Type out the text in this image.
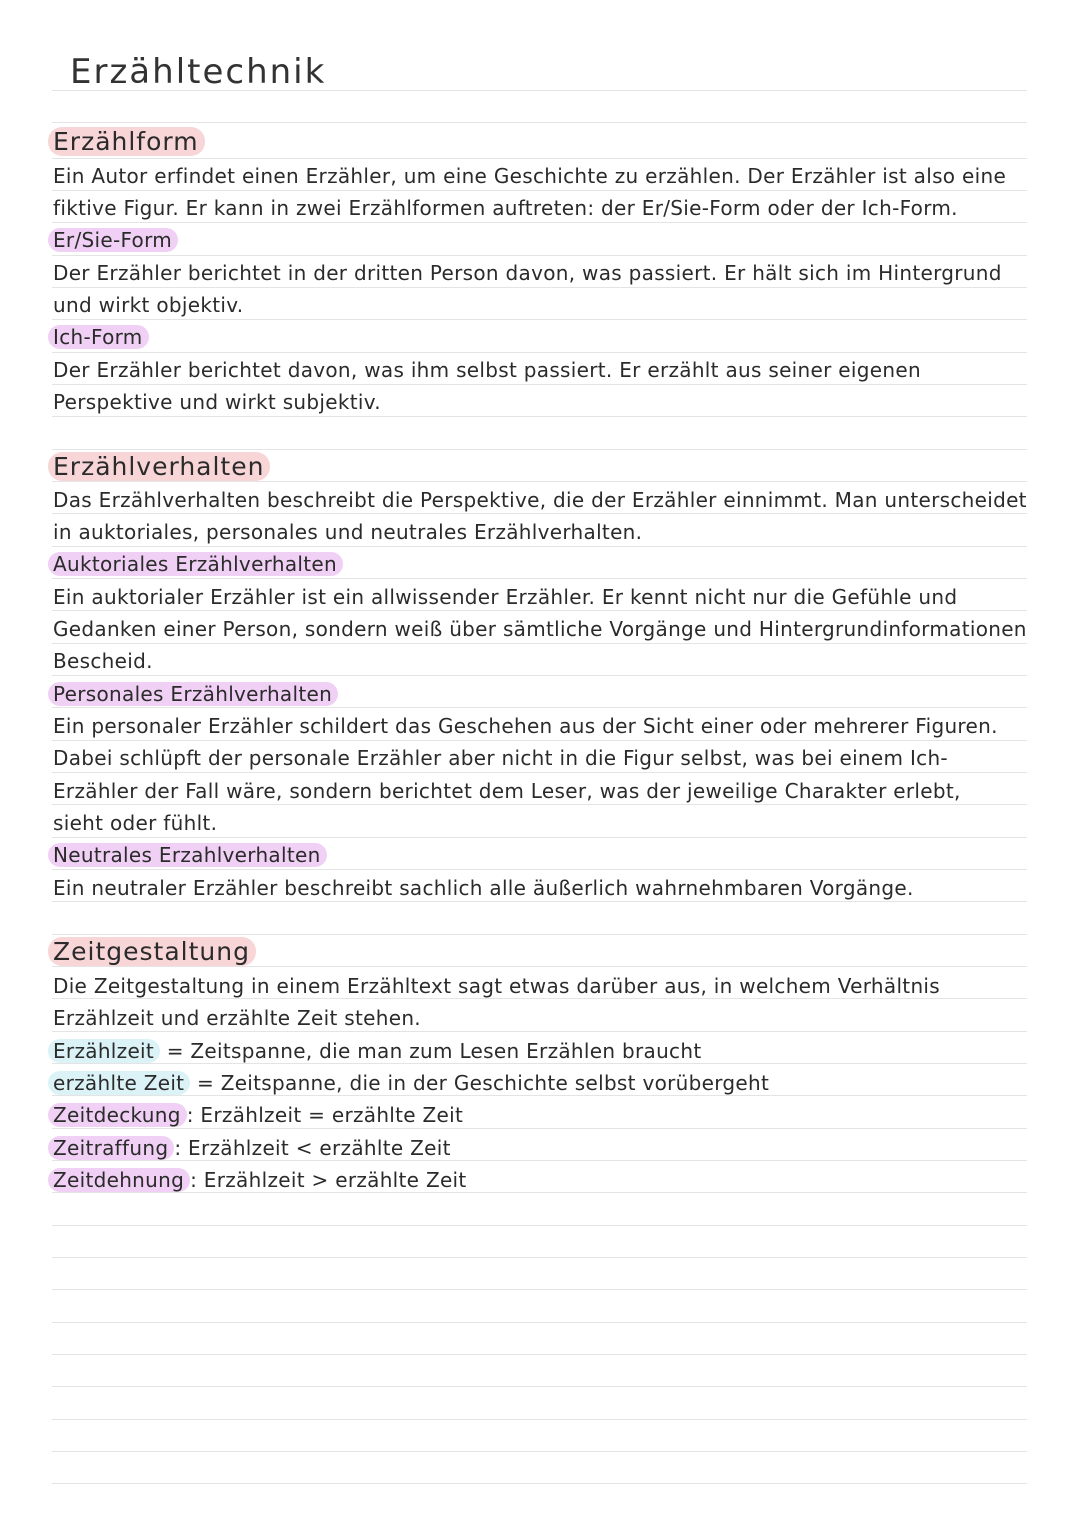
Erzähltechnik
Erzählform
Ein Autor erfindet einen Erzähler, um eine Geschichte zu erzählen. Der Erzähler ist also eine
fiktive Figur. Er kann in zwei Erzählformen auftreten: der Er/Sie-Form oder der Ich-Form.
Er/Sie-Form
Der Erzähler berichtet in der dritten Person davon, was passiert. Er hält sich im Hintergrund
und wirkt objektiv.
Ich-Form
Der Erzähler berichtet davon, was ihm selbst passiert. Er erzählt aus seiner eigenen
Perspektive und wirkt subjektiv.
Erzählverhalten
Das Erzählverhalten beschreibt die Perspektive, die der Erzähler einnimmt. Man unterscheidet
in auktoriales, personales und neutrales Erzählverhalten.
Auktoriales Erzählverhalten
Ein auktorialer Erzähler ist ein allwissender Erzähler. Er kennt nicht nur die Gefühle und
Gedanken einer Person, sondern weiß über sämtliche Vorgänge und Hintergrundinformationen
Bescheid.
Personales Erzählverhalten
Ein personaler Erzähler schildert das Geschehen aus der Sicht einer oder mehrerer Figuren.
Dabei schlüpft der personale Erzähler aber nicht in die Figur selbst, was bei einem Ich-
Erzähler der Fall wäre, sondern berichtet dem Leser, was der jeweilige Charakter erlebt,
sieht oder fühlt.
Neutrales Erzahlverhalten
Ein neutraler Erzähler beschreibt sachlich alle äußerlich wahrnehmbaren Vorgänge.
Zeitgestaltung
Die Zeitgestaltung in einem Erzähltext sagt etwas darüber aus, in welchem Verhältnis
Erzählzeit und erzählte Zeit stehen.
Erzählzeit = Zeitspanne, die man zum Lesen Erzählen braucht
erzählte Zeit = Zeitspanne, die in der Geschichte selbst vorübergeht
Zeitdeckung : Erzählzeit = erzählte Zeit
Zeitraffung : Erzählzeit < erzählte Zeit
Zeitdehnung : Erzählzeit > erzählte Zeit
